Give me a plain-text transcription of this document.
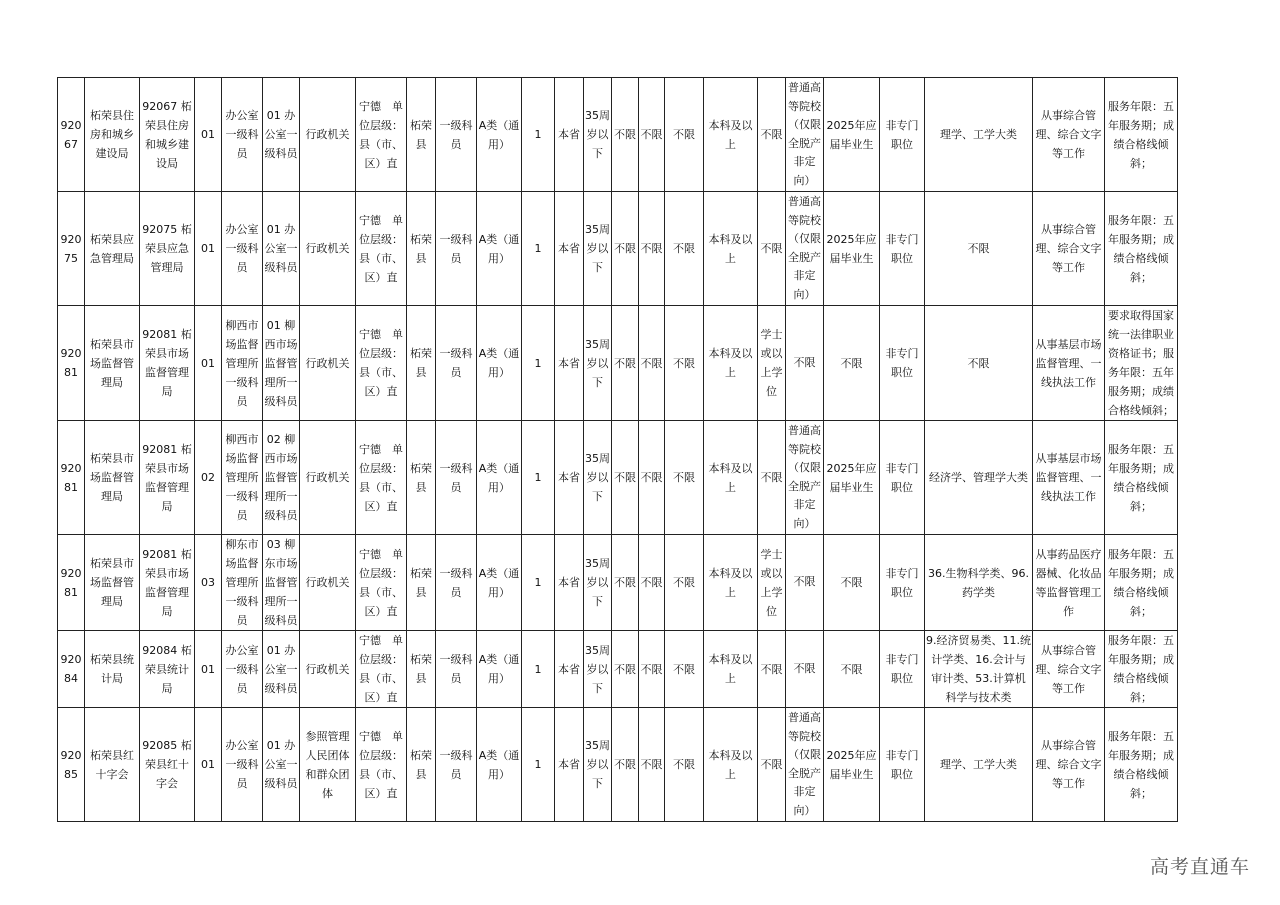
92067	柘荣县住房和城乡建设局	92067 柘荣县住房和城乡建设局	01	办公室一级科员	01 办公室一级科员	行政机关	宁德　单位层级：县（市、区）直	柘荣县	一级科员	A类（通用）	1	本省	35周岁以下	不限	不限	不限	本科及以上	不限	普通高等院校（仅限全脱产非定向）	2025年应届毕业生	非专门职位	理学、工学大类	从事综合管理、综合文字等工作	服务年限：五年服务期；成绩合格线倾斜；
92075	柘荣县应急管理局	92075 柘荣县应急管理局	01	办公室一级科员	01 办公室一级科员	行政机关	宁德　单位层级：县（市、区）直	柘荣县	一级科员	A类（通用）	1	本省	35周岁以下	不限	不限	不限	本科及以上	不限	普通高等院校（仅限全脱产非定向）	2025年应届毕业生	非专门职位	不限	从事综合管理、综合文字等工作	服务年限：五年服务期；成绩合格线倾斜；
92081	柘荣县市场监督管理局	92081 柘荣县市场监督管理局	01	柳西市场监督管理所一级科员	01 柳西市场监督管理所一级科员	行政机关	宁德　单位层级：县（市、区）直	柘荣县	一级科员	A类（通用）	1	本省	35周岁以下	不限	不限	不限	本科及以上	学士或以上学位	不限	不限	非专门职位	不限	从事基层市场监督管理、一线执法工作	要求取得国家统一法律职业资格证书；服务年限：五年服务期；成绩合格线倾斜；
92081	柘荣县市场监督管理局	92081 柘荣县市场监督管理局	02	柳西市场监督管理所一级科员	02 柳西市场监督管理所一级科员	行政机关	宁德　单位层级：县（市、区）直	柘荣县	一级科员	A类（通用）	1	本省	35周岁以下	不限	不限	不限	本科及以上	不限	普通高等院校（仅限全脱产非定向）	2025年应届毕业生	非专门职位	经济学、管理学大类	从事基层市场监督管理、一线执法工作	服务年限：五年服务期；成绩合格线倾斜；
92081	柘荣县市场监督管理局	92081 柘荣县市场监督管理局	03	柳东市场监督管理所一级科员	03 柳东市场监督管理所一级科员	行政机关	宁德　单位层级：县（市、区）直	柘荣县	一级科员	A类（通用）	1	本省	35周岁以下	不限	不限	不限	本科及以上	学士或以上学位	不限	不限	非专门职位	36.生物科学类、96.药学类	从事药品医疗器械、化妆品等监督管理工作	服务年限：五年服务期；成绩合格线倾斜；
92084	柘荣县统计局	92084 柘荣县统计局	01	办公室一级科员	01 办公室一级科员	行政机关	宁德　单位层级：县（市、区）直	柘荣县	一级科员	A类（通用）	1	本省	35周岁以下	不限	不限	不限	本科及以上	不限	不限	不限	非专门职位	9.经济贸易类、11.统计学类、16.会计与审计类、53.计算机科学与技术类	从事综合管理、综合文字等工作	服务年限：五年服务期；成绩合格线倾斜；
92085	柘荣县红十字会	92085 柘荣县红十字会	01	办公室一级科员	01 办公室一级科员	参照管理人民团体和群众团体	宁德　单位层级：县（市、区）直	柘荣县	一级科员	A类（通用）	1	本省	35周岁以下	不限	不限	不限	本科及以上	不限	普通高等院校（仅限全脱产非定向）	2025年应届毕业生	非专门职位	理学、工学大类	从事综合管理、综合文字等工作	服务年限：五年服务期；成绩合格线倾斜；
高考直通车
